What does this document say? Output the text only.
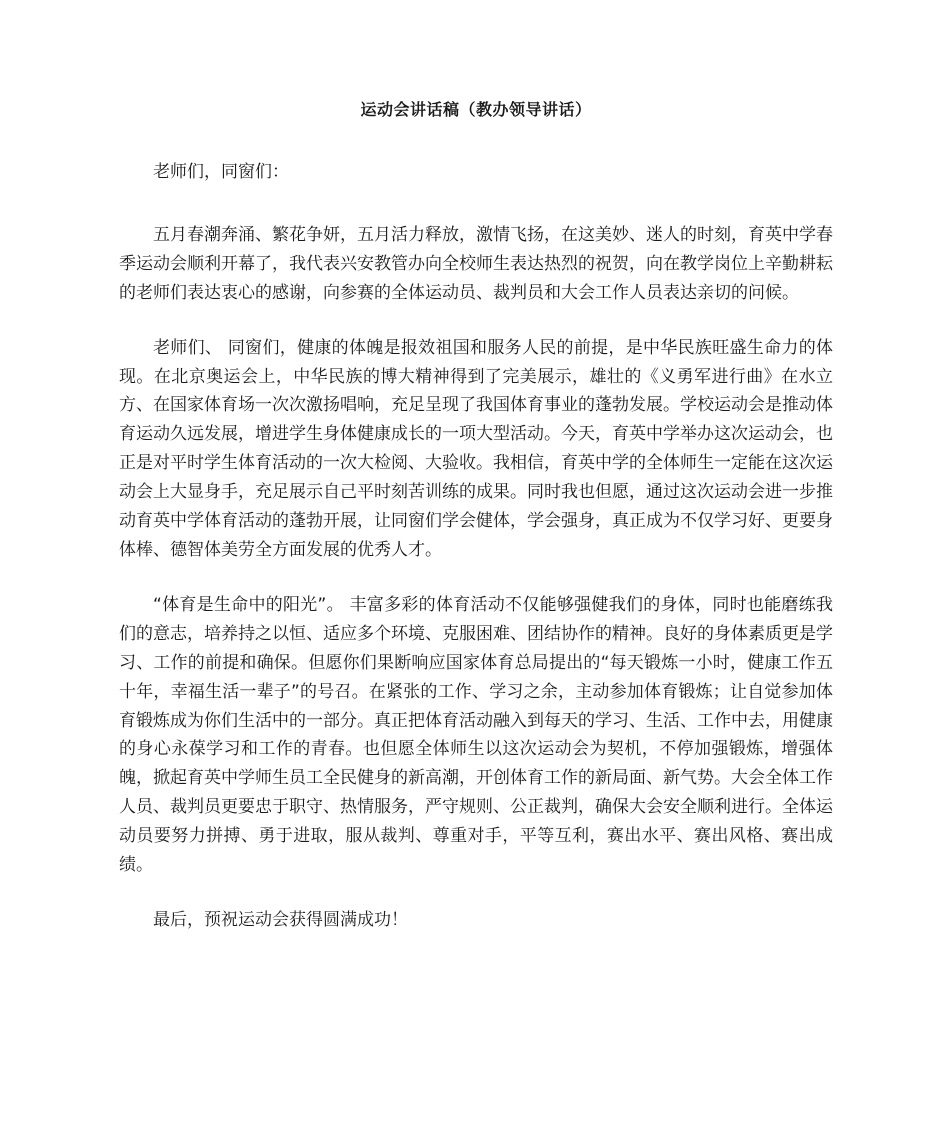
运动会讲话稿（教办领导讲话）

老师们，同窗们：

五月春潮奔涌、繁花争妍，五月活力释放，激情飞扬，在这美妙、迷人的时刻，育英中学春季运动会顺利开幕了，我代表兴安教管办向全校师生表达热烈的祝贺，向在教学岗位上辛勤耕耘的老师们表达衷心的感谢，向参赛的全体运动员、裁判员和大会工作人员表达亲切的问候。

老师们、 同窗们，健康的体魄是报效祖国和服务人民的前提，是中华民族旺盛生命力的体现。在北京奥运会上，中华民族的博大精神得到了完美展示，雄壮的《义勇军进行曲》在水立方、在国家体育场一次次激扬唱响，充足呈现了我国体育事业的蓬勃发展。学校运动会是推动体育运动久远发展，增进学生身体健康成长的一项大型活动。今天，育英中学举办这次运动会，也正是对平时学生体育活动的一次大检阅、大验收。我相信，育英中学的全体师生一定能在这次运动会上大显身手，充足展示自己平时刻苦训练的成果。同时我也但愿，通过这次运动会进一步推动育英中学体育活动的蓬勃开展，让同窗们学会健体，学会强身，真正成为不仅学习好、更要身体棒、德智体美劳全方面发展的优秀人才。

“体育是生命中的阳光”。 丰富多彩的体育活动不仅能够强健我们的身体，同时也能磨练我们的意志，培养持之以恒、适应多个环境、克服困难、团结协作的精神。良好的身体素质更是学习、工作的前提和确保。但愿你们果断响应国家体育总局提出的“每天锻炼一小时，健康工作五十年，幸福生活一辈子”的号召。在紧张的工作、学习之余，主动参加体育锻炼；让自觉参加体育锻炼成为你们生活中的一部分。真正把体育活动融入到每天的学习、生活、工作中去，用健康的身心永葆学习和工作的青春。也但愿全体师生以这次运动会为契机，不停加强锻炼，增强体魄，掀起育英中学师生员工全民健身的新高潮，开创体育工作的新局面、新气势。大会全体工作人员、裁判员更要忠于职守、热情服务，严守规则、公正裁判，确保大会安全顺利进行。全体运动员要努力拼搏、勇于进取，服从裁判、尊重对手，平等互利，赛出水平、赛出风格、赛出成绩。

最后，预祝运动会获得圆满成功！
